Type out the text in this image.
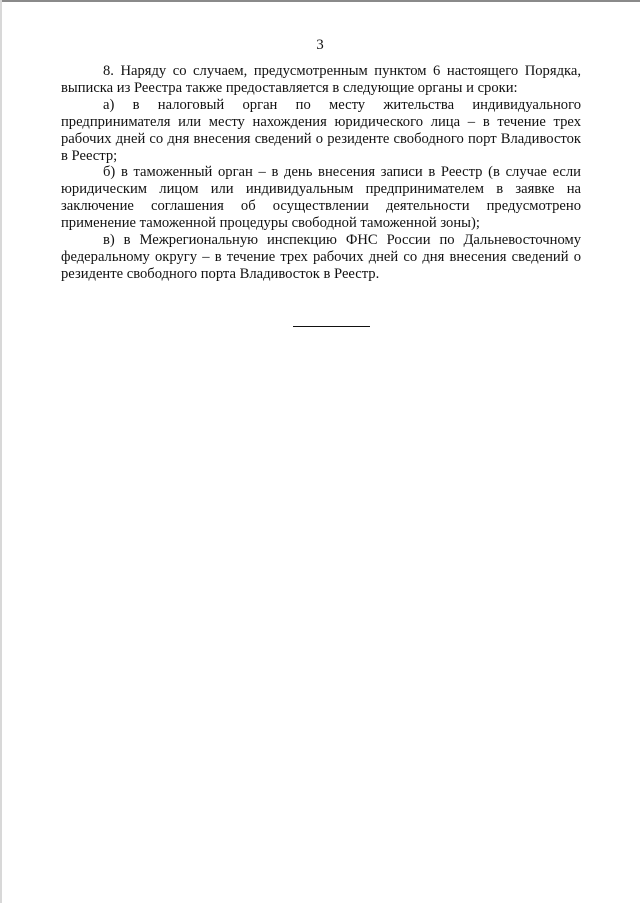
3

8. Наряду со случаем, предусмотренным пунктом 6 настоящего Порядка, выписка из Реестра также предоставляется в следующие органы и сроки:

а) в налоговый орган по месту жительства индивидуального предпринимателя или месту нахождения юридического лица – в течение трех рабочих дней со дня внесения сведений о резиденте свободного порт Владивосток в Реестр;

б) в таможенный орган – в день внесения записи в Реестр (в случае если юридическим лицом или индивидуальным предпринимателем в заявке на заключение соглашения об осуществлении деятельности предусмотрено применение таможенной процедуры свободной таможенной зоны);

в) в Межрегиональную инспекцию ФНС России по Дальневосточному федеральному округу – в течение трех рабочих дней со дня внесения сведений о резиденте свободного порта Владивосток в Реестр.
